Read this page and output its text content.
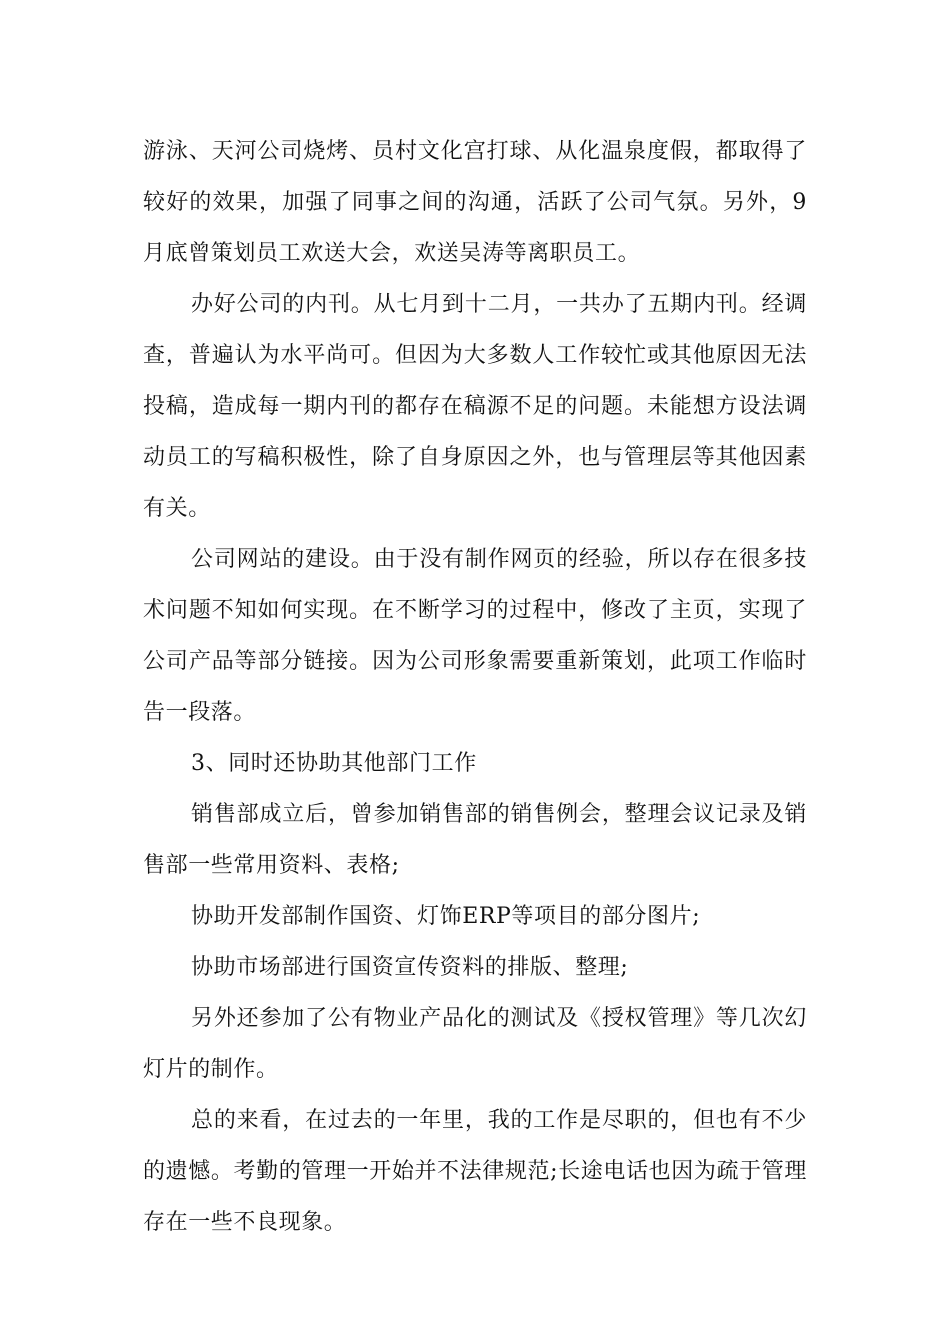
游泳、天河公司烧烤、员村文化宫打球、从化温泉度假，都取得了较好的效果，加强了同事之间的沟通，活跃了公司气氛。另外，9月底曾策划员工欢送大会，欢送吴涛等离职员工。

办好公司的内刊。从七月到十二月，一共办了五期内刊。经调查，普遍认为水平尚可。但因为大多数人工作较忙或其他原因无法投稿，造成每一期内刊的都存在稿源不足的问题。未能想方设法调动员工的写稿积极性，除了自身原因之外，也与管理层等其他因素有关。

公司网站的建设。由于没有制作网页的经验，所以存在很多技术问题不知如何实现。在不断学习的过程中，修改了主页，实现了公司产品等部分链接。因为公司形象需要重新策划，此项工作临时告一段落。

3、同时还协助其他部门工作

销售部成立后，曾参加销售部的销售例会，整理会议记录及销售部一些常用资料、表格;

协助开发部制作国资、灯饰ERP等项目的部分图片;

协助市场部进行国资宣传资料的排版、整理;

另外还参加了公有物业产品化的测试及《授权管理》等几次幻灯片的制作。

总的来看，在过去的一年里，我的工作是尽职的，但也有不少的遗憾。考勤的管理一开始并不法律规范;长途电话也因为疏于管理存在一些不良现象。
